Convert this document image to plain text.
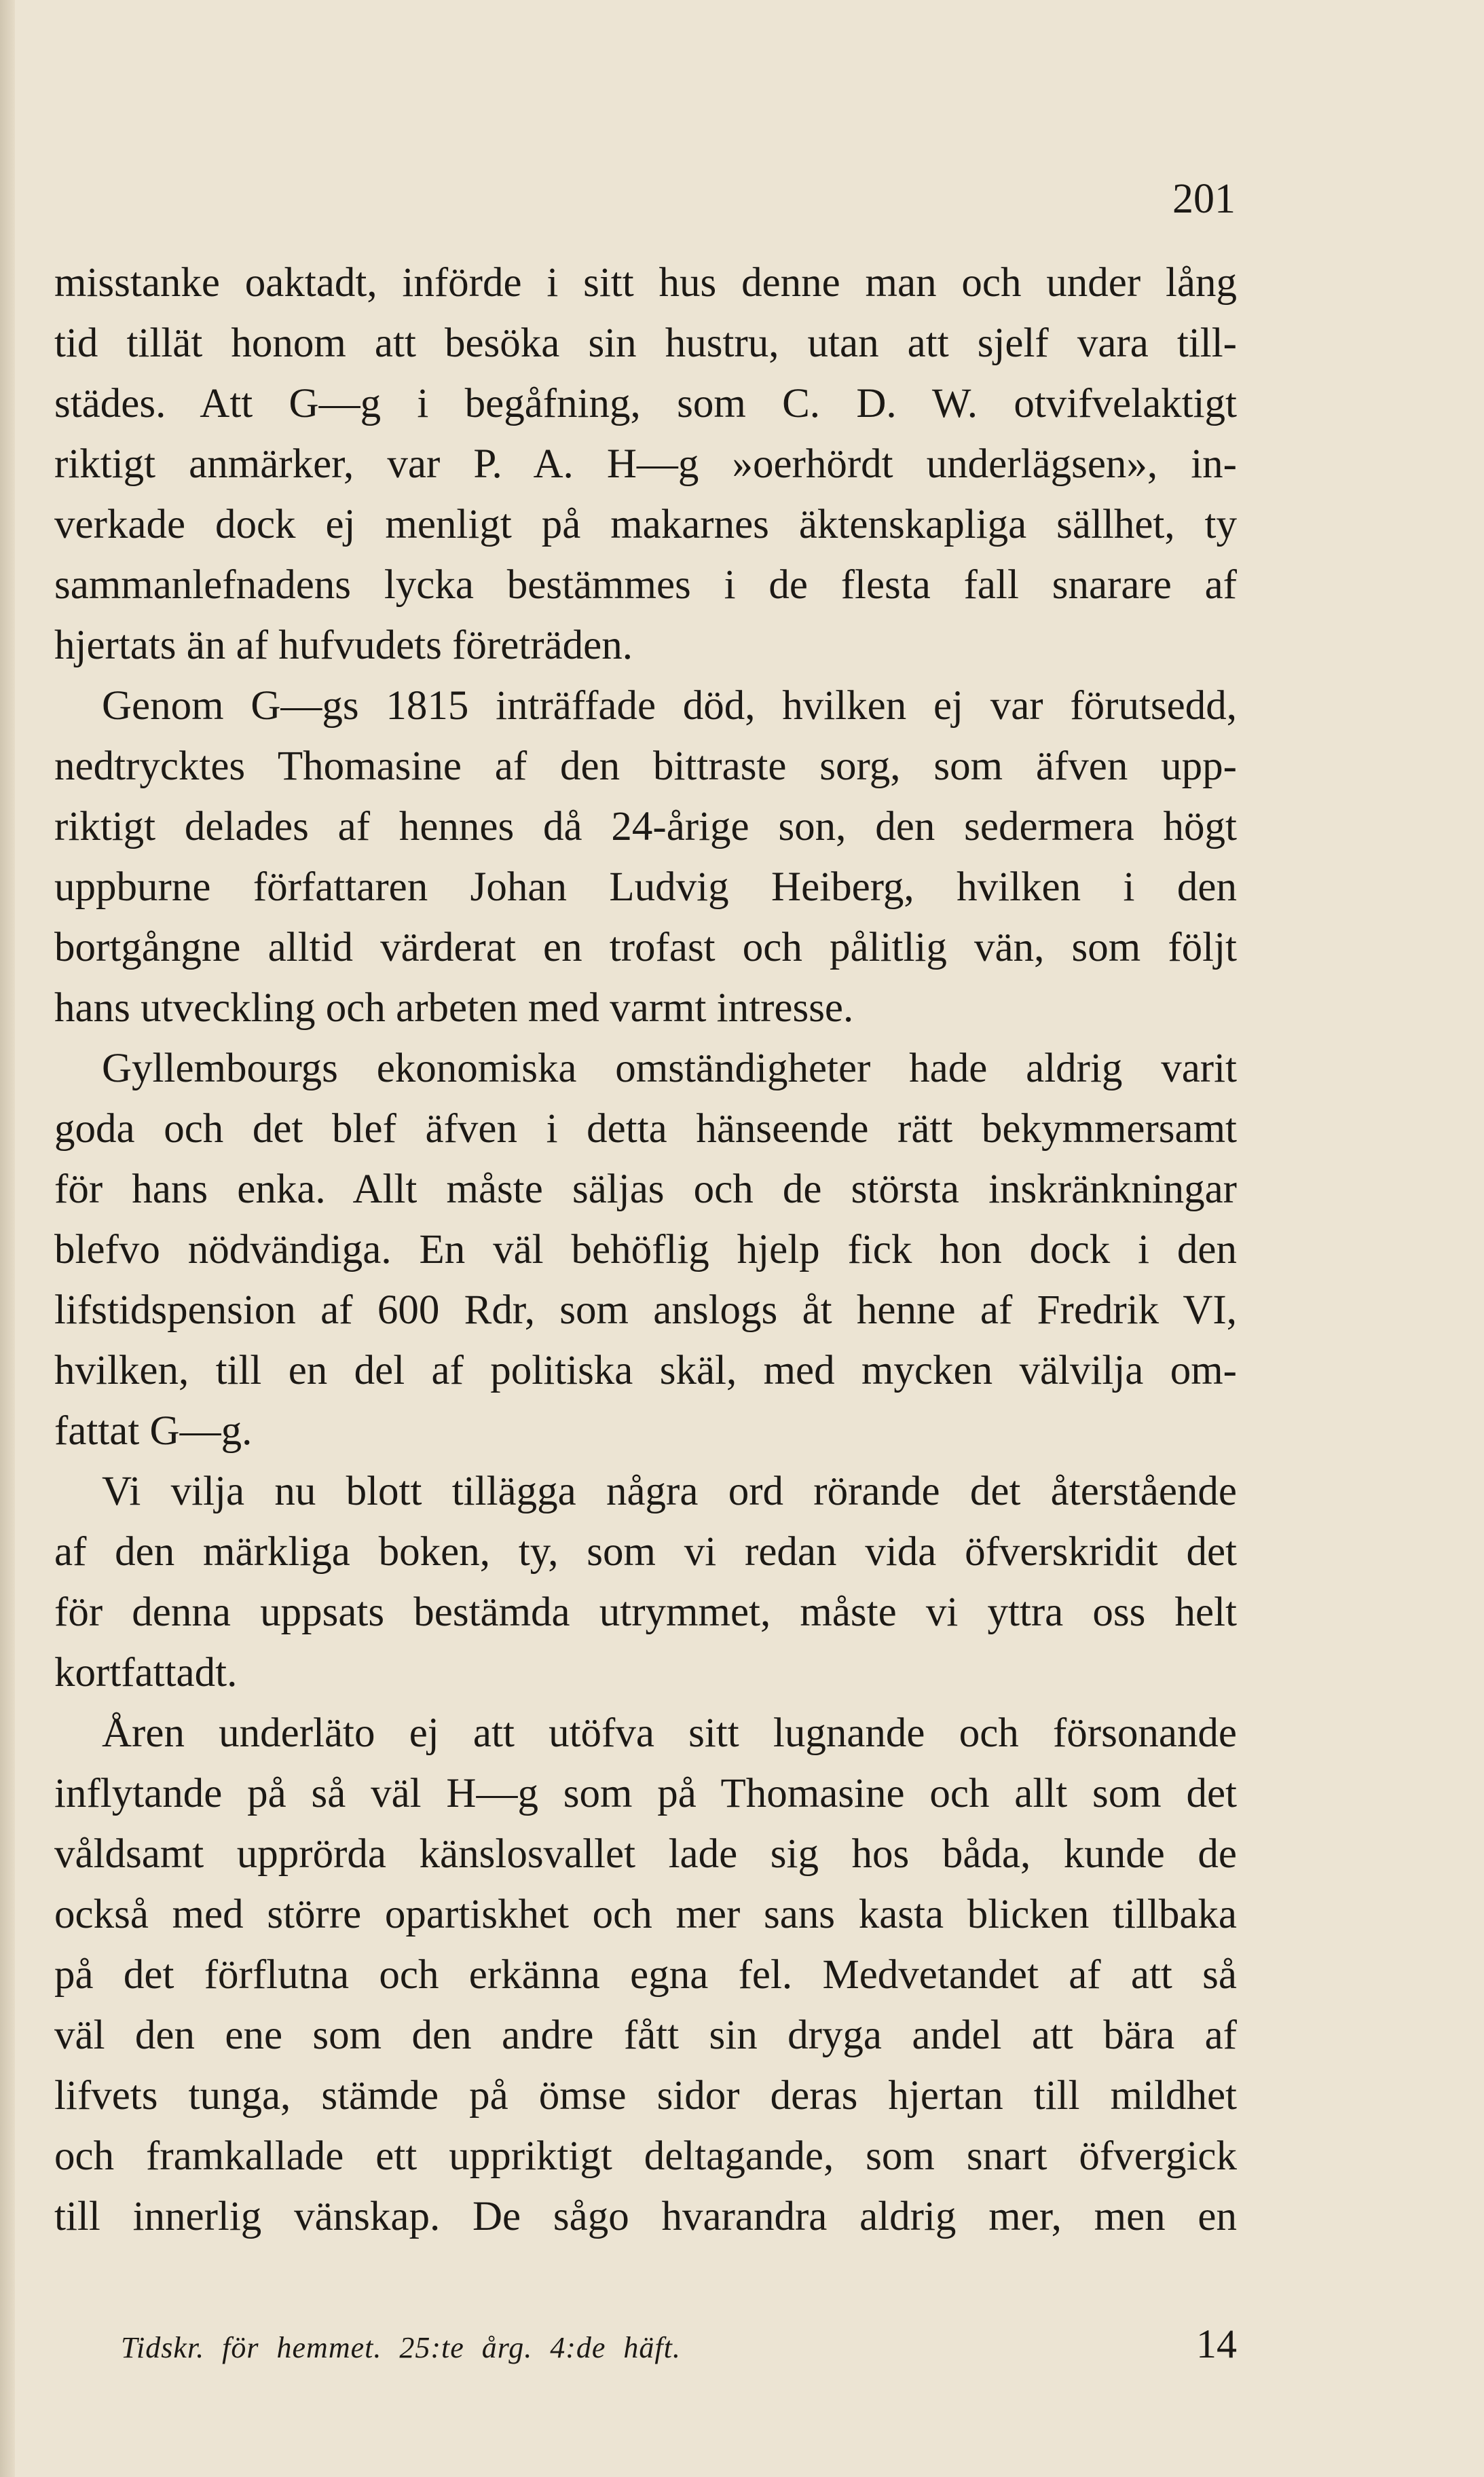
201
misstanke oaktadt, införde i sitt hus denne man och under lång
tid tillät honom att besöka sin hustru, utan att sjelf vara till-
städes. Att G—g i begåfning, som C. D. W. otvifvelaktigt
riktigt anmärker, var P. A. H—g »oerhördt underlägsen», in-
verkade dock ej menligt på makarnes äktenskapliga sällhet, ty
sammanlefnadens lycka bestämmes i de flesta fall snarare af
hjertats än af hufvudets företräden.
Genom G—gs 1815 inträffade död, hvilken ej var förutsedd,
nedtrycktes Thomasine af den bittraste sorg, som äfven upp-
riktigt delades af hennes då 24-årige son, den sedermera högt
uppburne författaren Johan Ludvig Heiberg, hvilken i den
bortgångne alltid värderat en trofast och pålitlig vän, som följt
hans utveckling och arbeten med varmt intresse.
Gyllembourgs ekonomiska omständigheter hade aldrig varit
goda och det blef äfven i detta hänseende rätt bekymmersamt
för hans enka. Allt måste säljas och de största inskränkningar
blefvo nödvändiga. En väl behöflig hjelp fick hon dock i den
lifstidspension af 600 Rdr, som anslogs åt henne af Fredrik VI,
hvilken, till en del af politiska skäl, med mycken välvilja om-
fattat G—g.
Vi vilja nu blott tillägga några ord rörande det återstående
af den märkliga boken, ty, som vi redan vida öfverskridit det
för denna uppsats bestämda utrymmet, måste vi yttra oss helt
kortfattadt.
Åren underläto ej att utöfva sitt lugnande och försonande
inflytande på så väl H—g som på Thomasine och allt som det
våldsamt upprörda känslosvallet lade sig hos båda, kunde de
också med större opartiskhet och mer sans kasta blicken tillbaka
på det förflutna och erkänna egna fel. Medvetandet af att så
väl den ene som den andre fått sin dryga andel att bära af
lifvets tunga, stämde på ömse sidor deras hjertan till mildhet
och framkallade ett uppriktigt deltagande, som snart öfvergick
till innerlig vänskap. De sågo hvarandra aldrig mer, men en
Tidskr. för hemmet. 25:te årg. 4:de häft.	14
